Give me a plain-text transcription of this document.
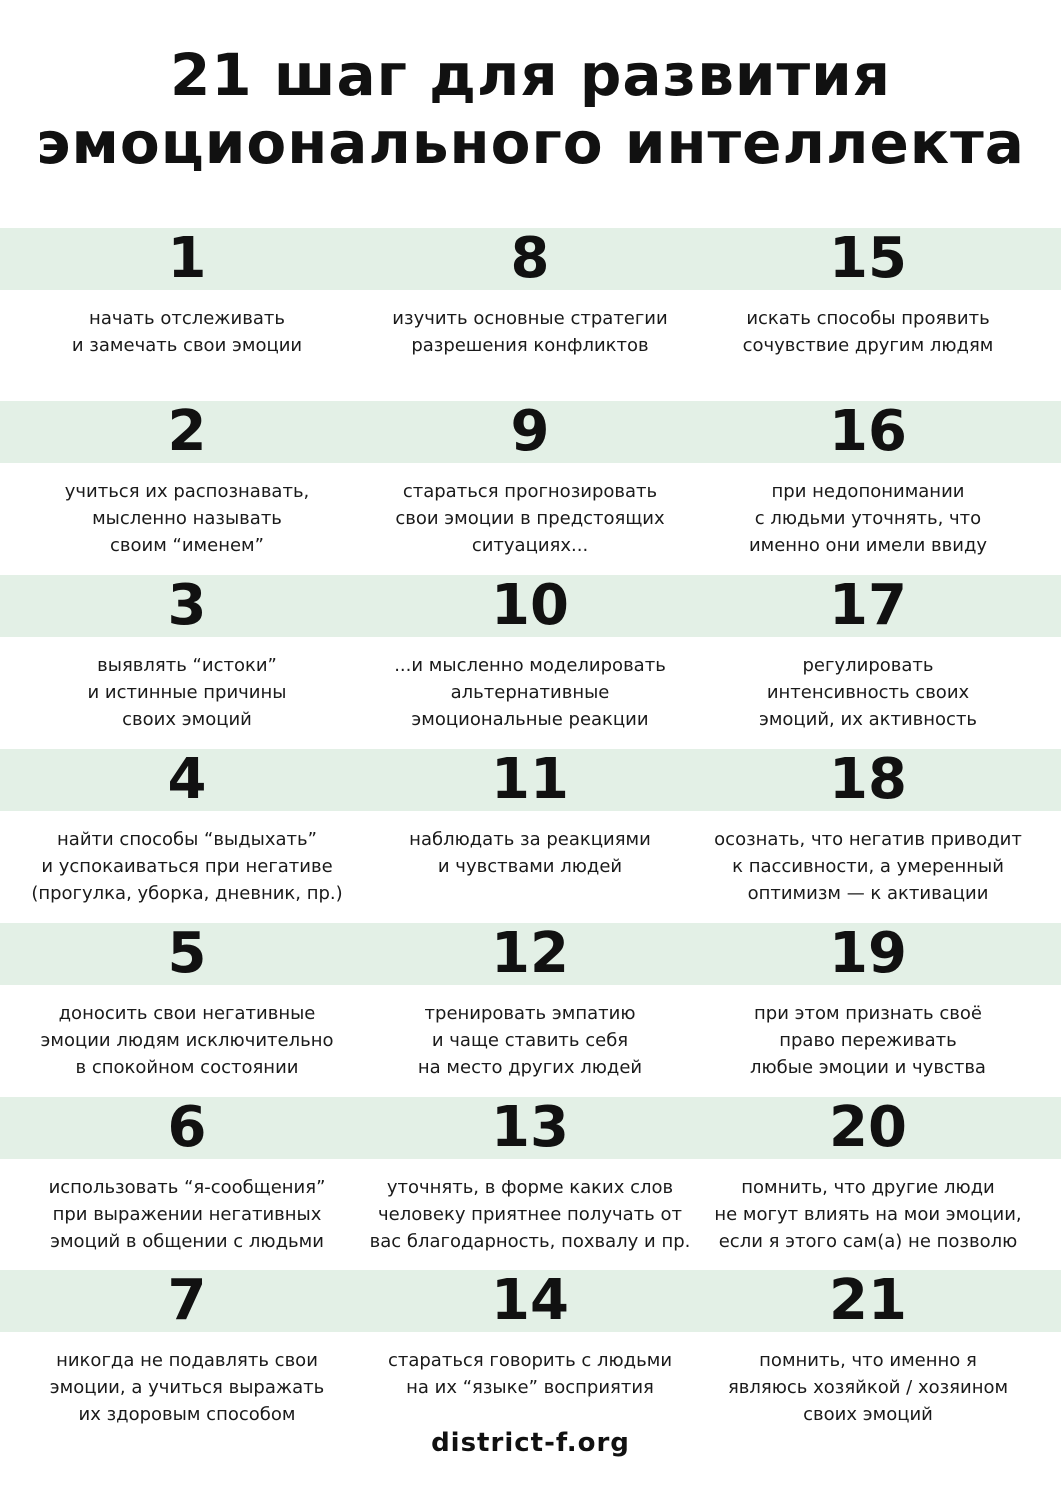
21 шаг для развития
эмоционального интеллекта
1
начать отслеживать
и замечать свои эмоции
8
изучить основные стратегии
разрешения конфликтов
15
искать способы проявить
сочувствие другим людям
2
учиться их распознавать,
мысленно называть
своим “именем”
9
стараться прогнозировать
свои эмоции в предстоящих
ситуациях...
16
при недопонимании
с людьми уточнять, что
именно они имели ввиду
3
выявлять “истоки”
и истинные причины
своих эмоций
10
...и мысленно моделировать
альтернативные
эмоциональные реакции
17
регулировать
интенсивность своих
эмоций, их активность
4
найти способы “выдыхать”
и успокаиваться при негативе
(прогулка, уборка, дневник, пр.)
11
наблюдать за реакциями
и чувствами людей
18
осознать, что негатив приводит
к пассивности, а умеренный
оптимизм — к активации
5
доносить свои негативные
эмоции людям исключительно
в спокойном состоянии
12
тренировать эмпатию
и чаще ставить себя
на место других людей
19
при этом признать своё
право переживать
любые эмоции и чувства
6
использовать “я-сообщения”
при выражении негативных
эмоций в общении с людьми
13
уточнять, в форме каких слов
человеку приятнее получать от
вас благодарность, похвалу и пр.
20
помнить, что другие люди
не могут влиять на мои эмоции,
если я этого сам(а) не позволю
7
никогда не подавлять свои
эмоции, а учиться выражать
их здоровым способом
14
стараться говорить с людьми
на их “языке” восприятия
21
помнить, что именно я
являюсь хозяйкой / хозяином
своих эмоций
district-f.org
